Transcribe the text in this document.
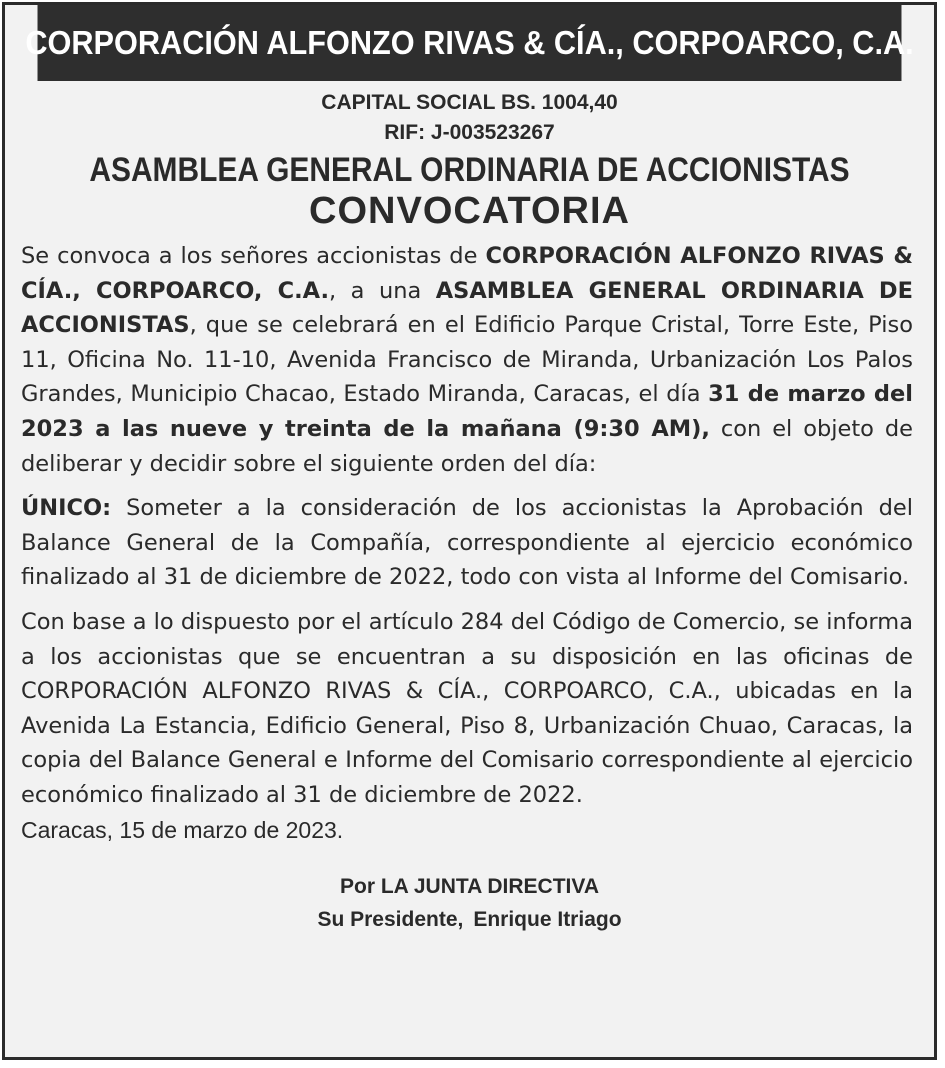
CORPORACIÓN ALFONZO RIVAS & CÍA., CORPOARCO, C.A.
CAPITAL SOCIAL BS. 1004,40
RIF: J-003523267
ASAMBLEA GENERAL ORDINARIA DE ACCIONISTAS
CONVOCATORIA

Se convoca a los señores accionistas de CORPORACIÓN ALFONZO RIVAS & CÍA., CORPOARCO, C.A., a una ASAMBLEA GENERAL ORDINARIA DE ACCIONISTAS, que se celebrará en el Edificio Parque Cristal, Torre Este, Piso 11, Oficina No. 11-10, Avenida Francisco de Miranda, Urbanización Los Palos Grandes, Municipio Chacao, Estado Miranda, Caracas, el día 31 de marzo del 2023 a las nueve y treinta de la mañana (9:30 AM), con el objeto de deliberar y decidir sobre el siguiente orden del día:

ÚNICO: Someter a la consideración de los accionistas la Aprobación del Balance General de la Compañía, correspondiente al ejercicio económico finalizado al 31 de diciembre de 2022, todo con vista al Informe del Comisario.

Con base a lo dispuesto por el artículo 284 del Código de Comercio, se informa a los accionistas que se encuentran a su disposición en las oficinas de CORPORACIÓN ALFONZO RIVAS & CÍA., CORPOARCO, C.A., ubicadas en la Avenida La Estancia, Edificio General, Piso 8, Urbanización Chuao, Caracas, la copia del Balance General e Informe del Comisario correspondiente al ejercicio económico finalizado al 31 de diciembre de 2022.

Caracas, 15 de marzo de 2023.
Por LA JUNTA DIRECTIVA
Su Presidente, Enrique Itriago
